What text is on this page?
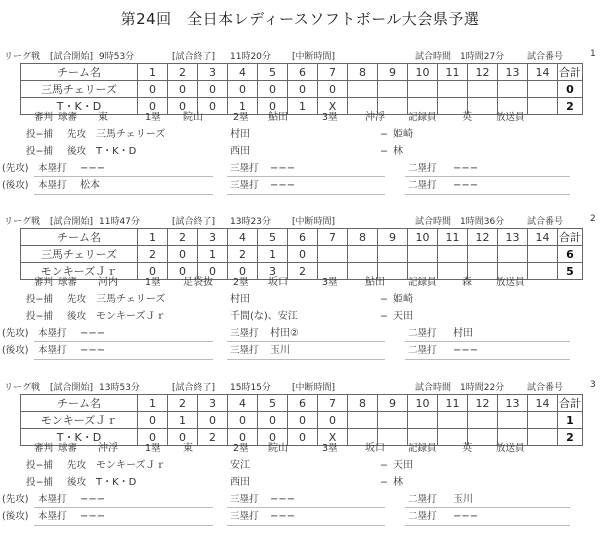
第24回　全日本レディースソフトボール大会県予選
リーグ戦 [試合開始] 9時53分	[試合終了] 11時20分 [中断時間]	試合時間 1時間27分	試合番号	1
チーム名	1	2	3	4	5	6	7	8	9	10	11	12	13	14	合計
三馬チェリーズ	0	0	0	0	0	0	0								0
T・K・D	0	0	0	1	0	1	X								2
審判 球審 東	1塁 院山	2塁 鮎田	3塁	沖浮 記録員	英	放送員
投−捕 先攻 三馬チェリーズ	村田	− 姫崎
投−捕 後攻 T・K・D	西田	− 林
(先攻) 本塁打 −−−	三塁打 −−−	二塁打 −−−
(後攻) 本塁打 松本	三塁打 −−−	二塁打 −−−
リーグ戦 [試合開始] 11時47分	[試合終了] 13時23分 [中断時間]	試合時間 1時間36分	試合番号	2
チーム名	1	2	3	4	5	6	7	8	9	10	11	12	13	14	合計
三馬チェリーズ	2	0	1	2	1	0									6
モンキーズＪｒ	0	0	0	0	3	2									5
審判 球審 河内	1塁 足袋抜 2塁 坂口	3塁	鮎田 記録員	森	放送員
投−捕 先攻 三馬チェリーズ	村田	− 姫崎
投−捕 後攻 モンキーズＪｒ	千間(な)、安江	− 天田
(先攻) 本塁打 −−−	三塁打 村田②	二塁打 村田
(後攻) 本塁打 −−−	三塁打 玉川	二塁打 −−−
リーグ戦 [試合開始] 13時53分	[試合終了] 15時15分 [中断時間]	試合時間 1時間22分	試合番号	3
チーム名	1	2	3	4	5	6	7	8	9	10	11	12	13	14	合計
モンキーズＪｒ	0	1	0	0	0	0	0								1
T・K・D	0	0	2	0	0	0	X								2
審判 球審 沖浮	1塁 東	2塁 院山	3塁	坂口 記録員	英	放送員
投−捕 先攻 モンキーズＪｒ	安江	− 天田
投−捕 後攻 T・K・D	西田	− 林
(先攻) 本塁打 −−−	三塁打 −−−	二塁打 玉川
(後攻) 本塁打 −−−	三塁打 −−−	二塁打 −−−
